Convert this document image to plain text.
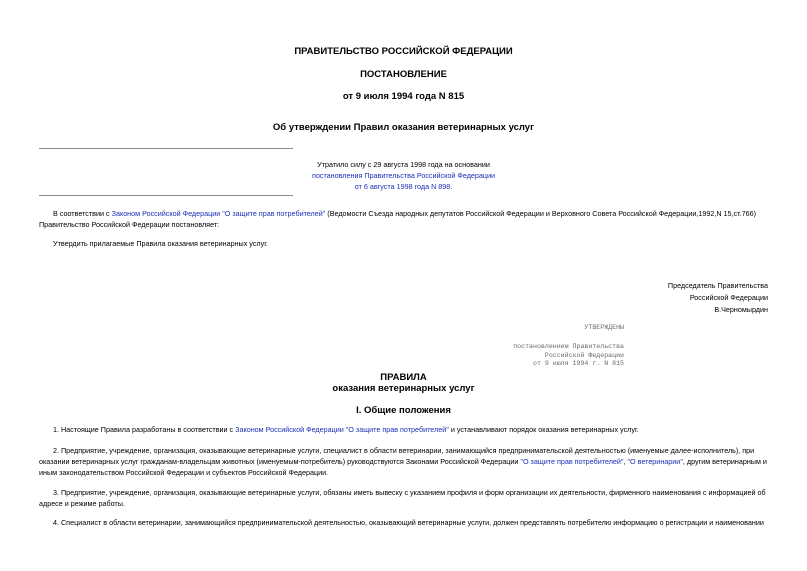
ПРАВИТЕЛЬСТВО РОССИЙСКОЙ ФЕДЕРАЦИИ
ПОСТАНОВЛЕНИЕ
от 9 июля 1994 года N 815
Об утверждении Правил оказания ветеринарных услуг
Утратило силу с 29 августа 1998 года на основании
постановления Правительства Российской Федерации
от 6 августа 1998 года N 898.
В соответствии с Законом Российской Федерации "О защите прав потребителей" (Ведомости Съезда народных депутатов Российской Федерации и Верховного Совета Российской Федерации,1992,N 15,ст.766) Правительство Российской Федерации постановляет:
Утвердить прилагаемые Правила оказания ветеринарных услуг.
Председатель Правительства
Российской Федерации
В.Черномырдин
УТВЕРЖДЕНЫ
постановлением Правительства
Российской Федерации
от 9 июля 1994 г. N 815
ПРАВИЛА
оказания ветеринарных услуг
I. Общие положения
1. Настоящие Правила разработаны в соответствии с Законом Российской Федерации "О защите прав потребителей" и устанавливают порядок оказания ветеринарных услуг.
2. Предприятие, учреждение, организация, оказывающие ветеринарные услуги, специалист в области ветеринарии, занимающийся предпринимательской деятельностью (именуемые далее-исполнитель), при оказании ветеринарных услуг гражданам-владельцам животных (именуемым-потребитель) руководствуются Законами Российской Федерации "О защите прав потребителей", "О ветеринарии", другим ветеринарным и иным законодательством Российской Федерации и субъектов Российской Федерации.
3. Предприятие, учреждение, организация, оказывающие ветеринарные услуги, обязаны иметь вывеску с указанием профиля и форм организации их деятельности, фирменного наименования с информацией об адресе и режиме работы.
4. Специалист в области ветеринарии, занимающийся предпринимательской деятельностью, оказывающий ветеринарные услуги, должен представлять потребителю информацию о регистрации и наименовании
